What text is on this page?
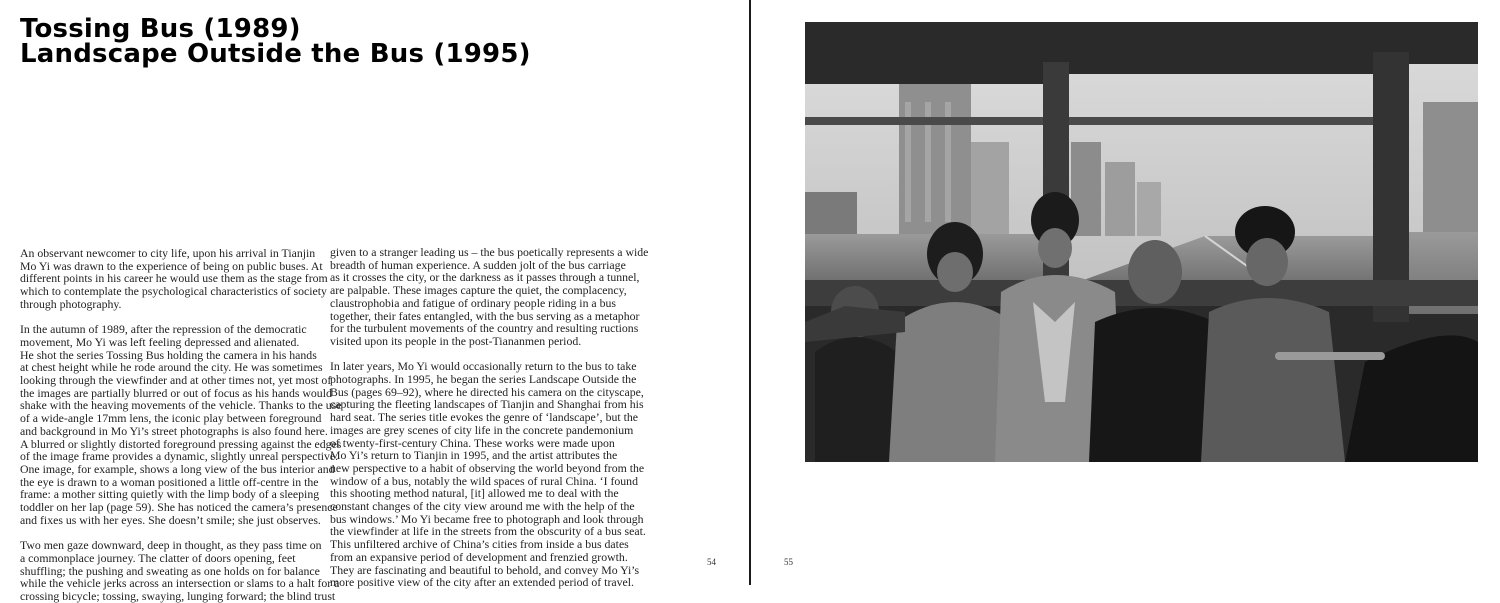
Tossing Bus (1989)
Landscape Outside the Bus (1995)

An observant newcomer to city life, upon his arrival in Tianjin
Mo Yi was drawn to the experience of being on public buses. At
different points in his career he would use them as the stage from
which to contemplate the psychological characteristics of society
through photography.

In the autumn of 1989, after the repression of the democratic
movement, Mo Yi was left feeling depressed and alienated.
He shot the series Tossing Bus holding the camera in his hands
at chest height while he rode around the city. He was sometimes
looking through the viewfinder and at other times not, yet most of
the images are partially blurred or out of focus as his hands would
shake with the heaving movements of the vehicle. Thanks to the use
of a wide-angle 17mm lens, the iconic play between foreground
and background in Mo Yi’s street photographs is also found here.
A blurred or slightly distorted foreground pressing against the edges
of the image frame provides a dynamic, slightly unreal perspective.
One image, for example, shows a long view of the bus interior and
the eye is drawn to a woman positioned a little off-centre in the
frame: a mother sitting quietly with the limp body of a sleeping
toddler on her lap (page 59). She has noticed the camera’s presence
and fixes us with her eyes. She doesn’t smile; she just observes.

Two men gaze downward, deep in thought, as they pass time on
a commonplace journey. The clatter of doors opening, feet
shuffling; the pushing and sweating as one holds on for balance
while the vehicle jerks across an intersection or slams to a halt for a
crossing bicycle; tossing, swaying, lunging forward; the blind trust

given to a stranger leading us – the bus poetically represents a wide
breadth of human experience. A sudden jolt of the bus carriage
as it crosses the city, or the darkness as it passes through a tunnel,
are palpable. These images capture the quiet, the complacency,
claustrophobia and fatigue of ordinary people riding in a bus
together, their fates entangled, with the bus serving as a metaphor
for the turbulent movements of the country and resulting ructions
visited upon its people in the post-Tiananmen period.

In later years, Mo Yi would occasionally return to the bus to take
photographs. In 1995, he began the series Landscape Outside the
Bus (pages 69–92), where he directed his camera on the cityscape,
capturing the fleeting landscapes of Tianjin and Shanghai from his
hard seat. The series title evokes the genre of ‘landscape’, but the
images are grey scenes of city life in the concrete pandemonium
of twenty-first-century China. These works were made upon
Mo Yi’s return to Tianjin in 1995, and the artist attributes the
new perspective to a habit of observing the world beyond from the
window of a bus, notably the wild spaces of rural China. ‘I found
this shooting method natural, [it] allowed me to deal with the
constant changes of the city view around me with the help of the
bus windows.’ Mo Yi became free to photograph and look through
the viewfinder at life in the streets from the obscurity of a bus seat.
This unfiltered archive of China’s cities from inside a bus dates
from an expansive period of development and frenzied growth.
They are fascinating and beautiful to behold, and convey Mo Yi’s
more positive view of the city after an extended period of travel.

54	55
